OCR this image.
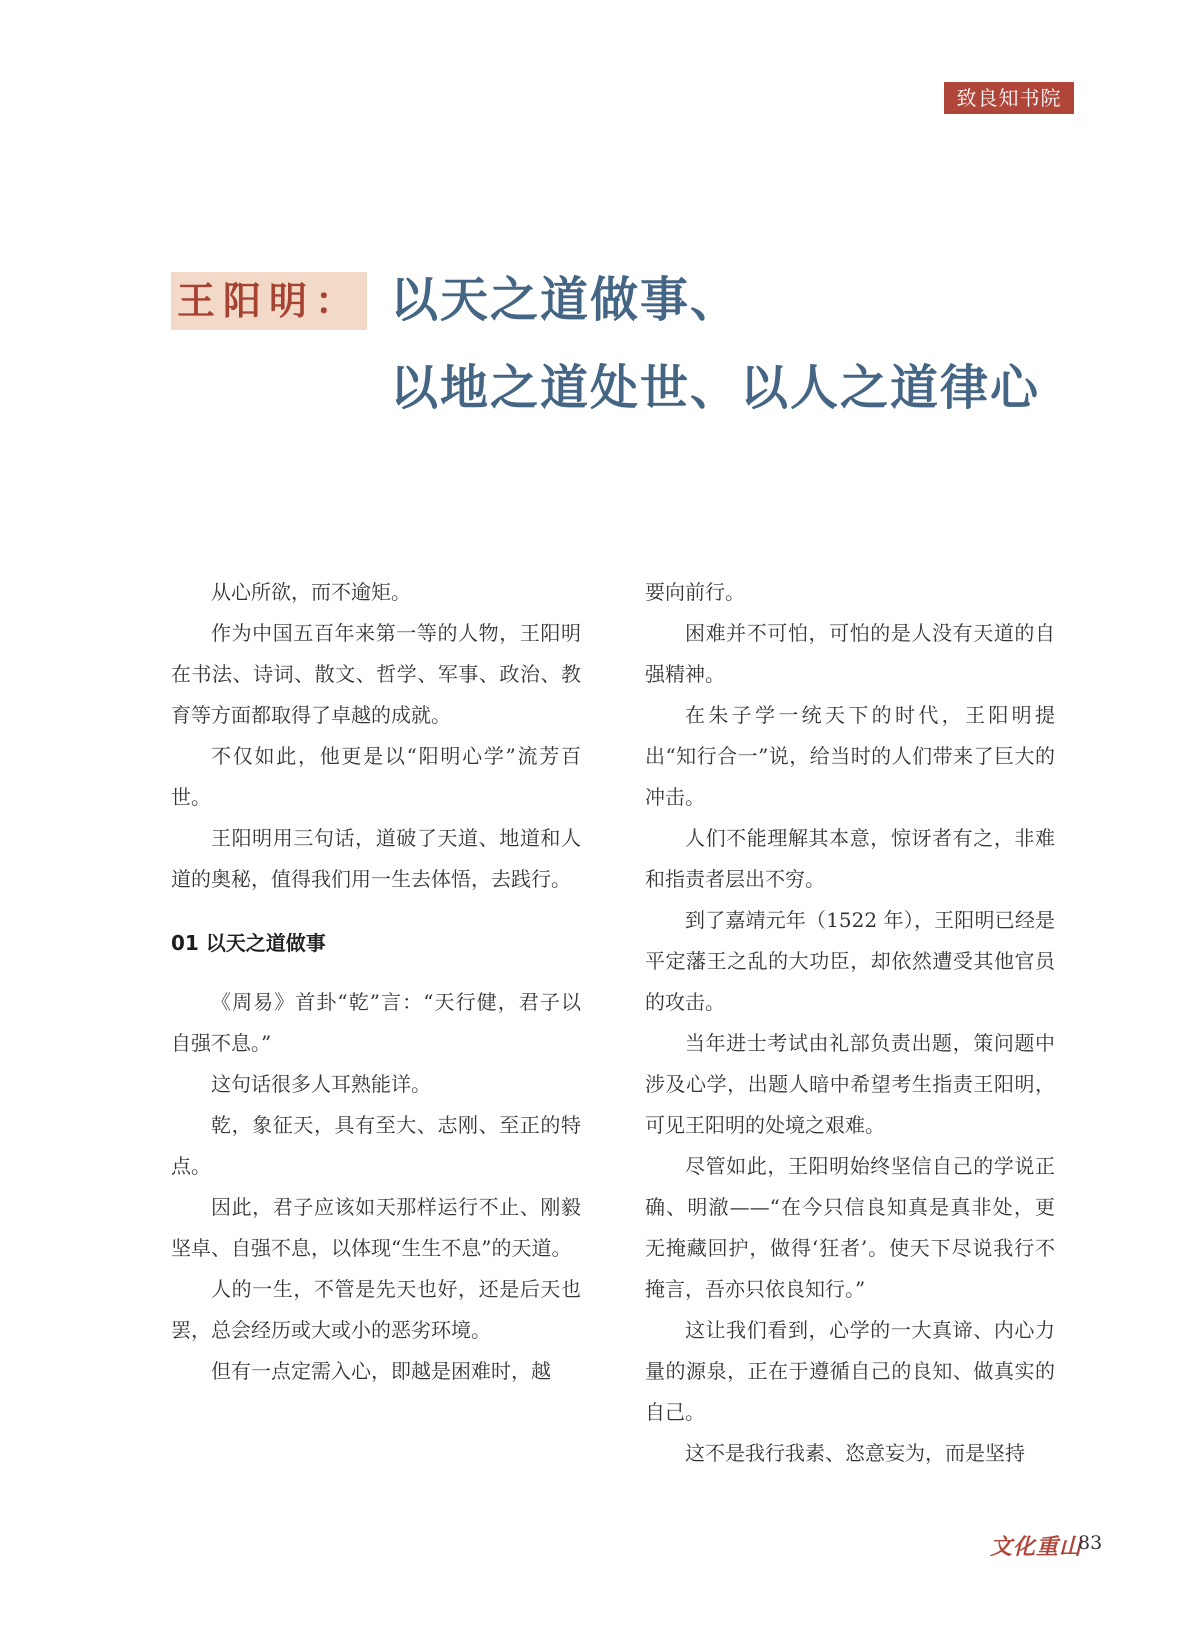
致良知书院
王阳明： 以天之道做事、
以地之道处世、以人之道律心

从心所欲，而不逾矩。

作为中国五百年来第一等的人物，王阳明在书法、诗词、散文、哲学、军事、政治、教育等方面都取得了卓越的成就。

不仅如此，他更是以“阳明心学”流芳百世。

王阳明用三句话，道破了天道、地道和人道的奥秘，值得我们用一生去体悟，去践行。

01 以天之道做事

《周易》首卦“乾”言：“天行健，君子以自强不息。”

这句话很多人耳熟能详。

乾，象征天，具有至大、志刚、至正的特点。

因此，君子应该如天那样运行不止、刚毅坚卓、自强不息，以体现“生生不息”的天道。

人的一生，不管是先天也好，还是后天也罢，总会经历或大或小的恶劣环境。

但有一点定需入心，即越是困难时，越

要向前行。

困难并不可怕，可怕的是人没有天道的自强精神。

在朱子学一统天下的时代，王阳明提出“知行合一”说，给当时的人们带来了巨大的冲击。

人们不能理解其本意，惊讶者有之，非难和指责者层出不穷。

到了嘉靖元年（1522 年），王阳明已经是平定藩王之乱的大功臣，却依然遭受其他官员的攻击。

当年进士考试由礼部负责出题，策问题中涉及心学，出题人暗中希望考生指责王阳明，可见王阳明的处境之艰难。

尽管如此，王阳明始终坚信自己的学说正确、明澈——“在今只信良知真是真非处，更无掩藏回护，做得‘狂者’。使天下尽说我行不掩言，吾亦只依良知行。”

这让我们看到，心学的一大真谛、内心力量的源泉，正在于遵循自己的良知、做真实的自己。

这不是我行我素、恣意妄为，而是坚持

文化重山
83
